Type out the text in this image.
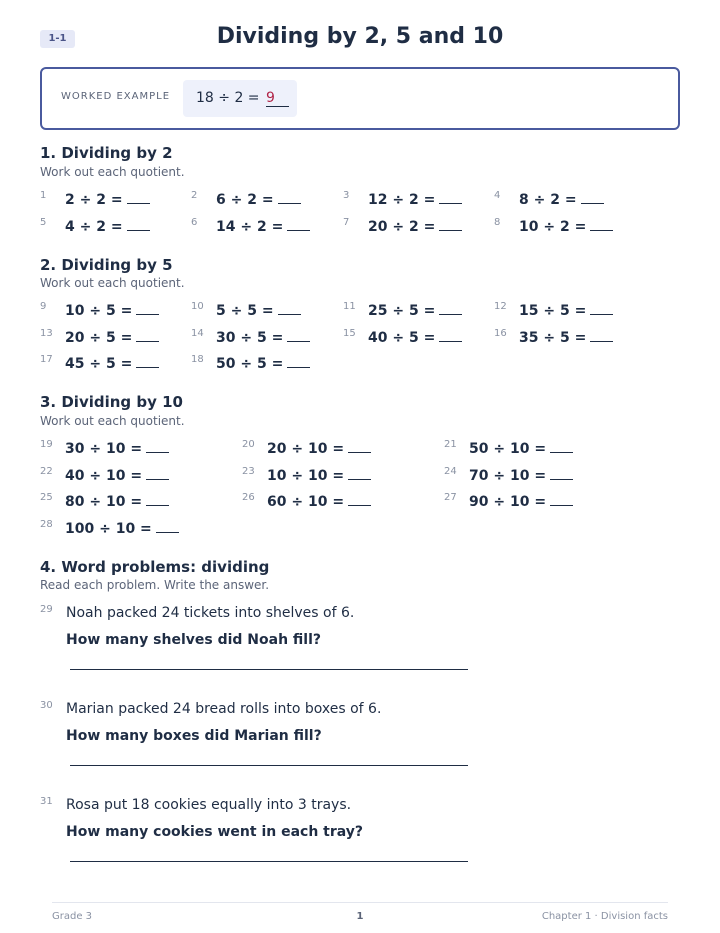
1-1	Dividing by 2, 5 and 10
WORKED EXAMPLE	18 ÷ 2 = 9
1. Dividing by 2
Work out each quotient.
1 2 ÷ 2 =	2 6 ÷ 2 =	3 12 ÷ 2 =	4 8 ÷ 2 =
5 4 ÷ 2 =	6 14 ÷ 2 =	7 20 ÷ 2 =	8 10 ÷ 2 =
2. Dividing by 5
Work out each quotient.
9 10 ÷ 5 =	10 5 ÷ 5 =	11 25 ÷ 5 =	12 15 ÷ 5 =
13 20 ÷ 5 =	14 30 ÷ 5 =	15 40 ÷ 5 =	16 35 ÷ 5 =
17 45 ÷ 5 =	18 50 ÷ 5 =
3. Dividing by 10
Work out each quotient.
19 30 ÷ 10 =	20 20 ÷ 10 =	21 50 ÷ 10 =
22 40 ÷ 10 =	23 10 ÷ 10 =	24 70 ÷ 10 =
25 80 ÷ 10 =	26 60 ÷ 10 =	27 90 ÷ 10 =
28 100 ÷ 10 =
4. Word problems: dividing
Read each problem. Write the answer.
29 Noah packed 24 tickets into shelves of 6.
How many shelves did Noah fill?
30 Marian packed 24 bread rolls into boxes of 6.
How many boxes did Marian fill?
31 Rosa put 18 cookies equally into 3 trays.
How many cookies went in each tray?
Grade 3	1	Chapter 1 · Division facts
